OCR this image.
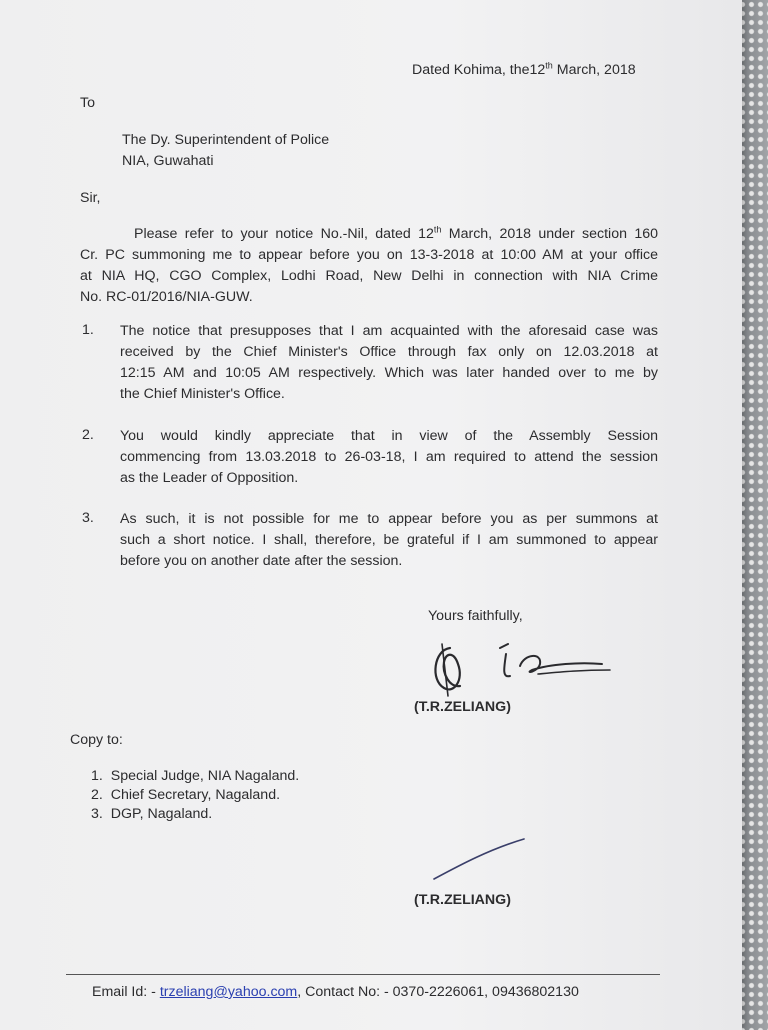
Dated Kohima, the12th March, 2018
To
The Dy. Superintendent of Police
NIA, Guwahati
Sir,
Please refer to your notice No.-Nil, dated 12th March, 2018 under section 160
Cr. PC summoning me to appear before you on 13-3-2018 at 10:00 AM at your office
at NIA HQ, CGO Complex, Lodhi Road, New Delhi in connection with NIA Crime
No. RC-01/2016/NIA-GUW.
1. The notice that presupposes that I am acquainted with the aforesaid case was
received by the Chief Minister's Office through fax only on 12.03.2018 at
12:15 AM and 10:05 AM respectively. Which was later handed over to me by
the Chief Minister's Office.
2. You would kindly appreciate that in view of the Assembly Session
commencing from 13.03.2018 to 26-03-18, I am required to attend the session
as the Leader of Opposition.
3. As such, it is not possible for me to appear before you as per summons at
such a short notice. I shall, therefore, be grateful if I am summoned to appear
before you on another date after the session.
Yours faithfully,
(T.R.ZELIANG)
Copy to:
1. Special Judge, NIA Nagaland.
2. Chief Secretary, Nagaland.
3. DGP, Nagaland.
(T.R.ZELIANG)
Email Id: - trzeliang@yahoo.com, Contact No: - 0370-2226061, 09436802130
